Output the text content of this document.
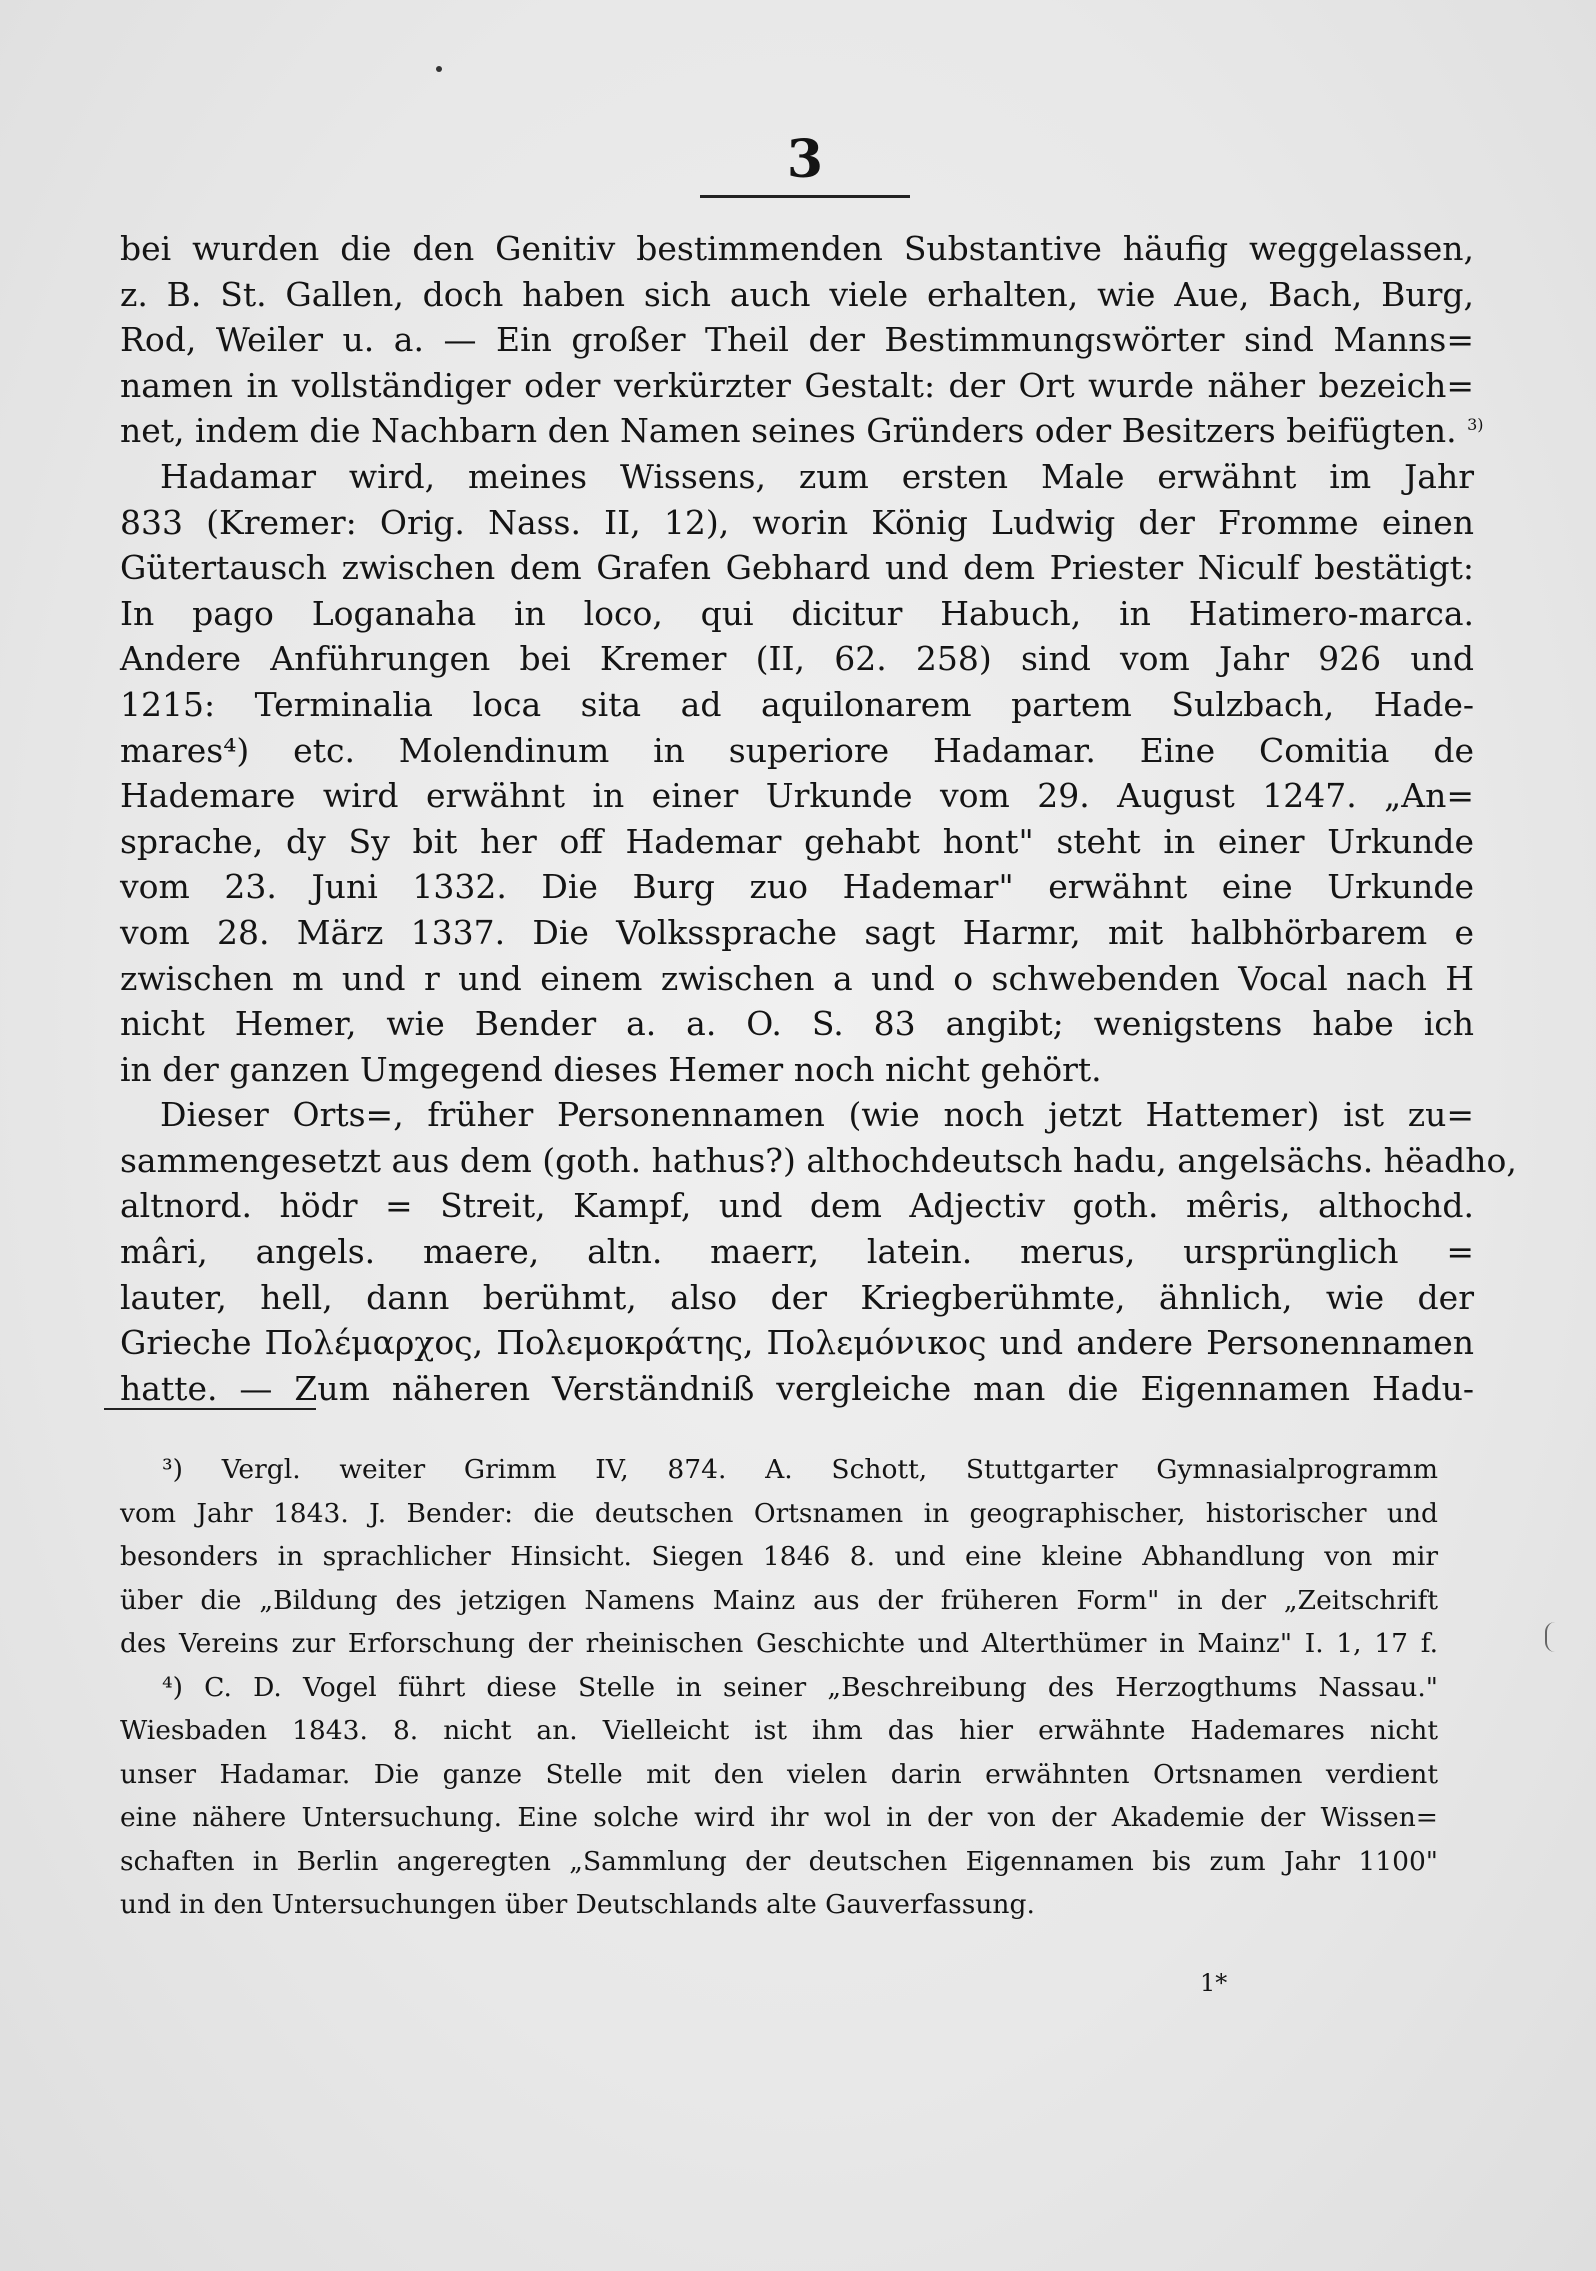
3
bei wurden die den Genitiv bestimmenden Substantive häufig weggelassen,
z. B. St. Gallen, doch haben sich auch viele erhalten, wie Aue, Bach, Burg,
Rod, Weiler u. a. — Ein großer Theil der Bestimmungswörter sind Manns=
namen in vollständiger oder verkürzter Gestalt: der Ort wurde näher bezeich=
net, indem die Nachbarn den Namen seines Gründers oder Besitzers beifügten. $^{3)}$
Hadamar wird, meines Wissens, zum ersten Male erwähnt im Jahr
833 (Kremer: Orig. Nass. II, 12), worin König Ludwig der Fromme einen
Gütertausch zwischen dem Grafen Gebhard und dem Priester Niculf bestätigt:
In pago Loganaha in loco, qui dicitur Habuch, in Hatimero-marca.
Andere Anführungen bei Kremer (II, 62. 258) sind vom Jahr 926 und
1215: Terminalia loca sita ad aquilonarem partem Sulzbach, Hade-
mares⁴) etc. Molendinum in superiore Hadamar. Eine Comitia de
Hademare wird erwähnt in einer Urkunde vom 29. August 1247. „An=
sprache, dy Sy bit her off Hademar gehabt hont" steht in einer Urkunde
vom 23. Juni 1332. Die Burg zuo Hademar" erwähnt eine Urkunde
vom 28. März 1337. Die Volkssprache sagt Harmr, mit halbhörbarem e
zwischen m und r und einem zwischen a und o schwebenden Vocal nach H
nicht Hemer, wie Bender a. a. O. S. 83 angibt; wenigstens habe ich
in der ganzen Umgegend dieses Hemer noch nicht gehört.
Dieser Orts=, früher Personennamen (wie noch jetzt Hattemer) ist zu=
sammengesetzt aus dem (goth. hathus?) althochdeutsch hadu, angelsächs. hëadho,
altnord. hödr = Streit, Kampf, und dem Adjectiv goth. mêris, althochd.
mâri, angels. maere, altn. maerr, latein. merus, ursprünglich =
lauter, hell, dann berühmt, also der Kriegberühmte, ähnlich, wie der
Grieche Πολέμαρχος, Πολεμοκράτης, Πολεμόνικος und andere Personennamen
hatte. — Zum näheren Verständniß vergleiche man die Eigennamen Hadu-
³) Vergl. weiter Grimm IV, 874. A. Schott, Stuttgarter Gymnasialprogramm
vom Jahr 1843. J. Bender: die deutschen Ortsnamen in geographischer, historischer und
besonders in sprachlicher Hinsicht. Siegen 1846 8. und eine kleine Abhandlung von mir
über die „Bildung des jetzigen Namens Mainz aus der früheren Form" in der „Zeitschrift
des Vereins zur Erforschung der rheinischen Geschichte und Alterthümer in Mainz" I. 1, 17 f.
⁴) C. D. Vogel führt diese Stelle in seiner „Beschreibung des Herzogthums Nassau."
Wiesbaden 1843. 8. nicht an. Vielleicht ist ihm das hier erwähnte Hademares nicht
unser Hadamar. Die ganze Stelle mit den vielen darin erwähnten Ortsnamen verdient
eine nähere Untersuchung. Eine solche wird ihr wol in der von der Akademie der Wissen=
schaften in Berlin angeregten „Sammlung der deutschen Eigennamen bis zum Jahr 1100"
und in den Untersuchungen über Deutschlands alte Gauverfassung.
1*
